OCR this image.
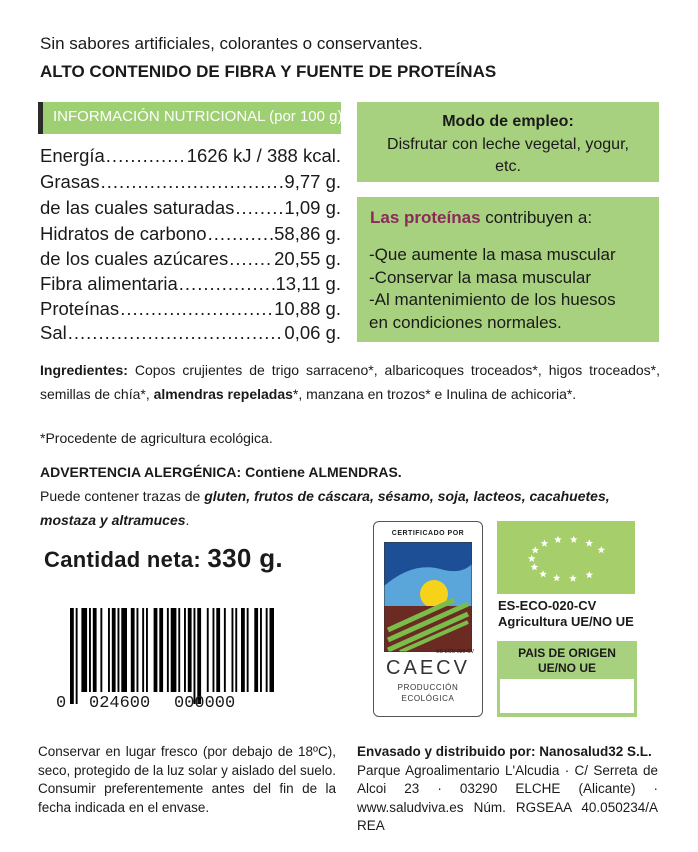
Sin sabores artificiales, colorantes o conservantes.
ALTO CONTENIDO DE FIBRA Y FUENTE DE PROTEÍNAS
INFORMACIÓN NUTRICIONAL (por 100 g)
Energía .....	1626 kJ / 388 kcal.
Grasas .....	9,77 g.
de las cuales saturadas .....	1,09 g.
Hidratos de carbono .....	58,86 g.
de los cuales azúcares ..... 20,55 g.
Fibra alimentaria .....	13,11 g.
Proteínas .....	10,88 g.
Sal .....	0,06 g.
Modo de empleo:
Disfrutar con leche vegetal, yogur, etc.
Las proteínas contribuyen a:
-Que aumente la masa muscular
-Conservar la masa muscular
-Al mantenimiento de los huesos
en condiciones normales.
Ingredientes: Copos crujientes de trigo sarraceno*, albaricoques troceados*, higos troceados*, semillas de chía*, almendras repeladas*, manzana en trozos* e Inulina de achicoria*.
*Procedente de agricultura ecológica.
ADVERTENCIA ALERGÉNICA: Contiene ALMENDRAS.
Puede contener trazas de gluten, frutos de cáscara, sésamo, soja, lacteos, cacahuetes, mostaza y altramuces.
Cantidad neta: 330 g.
0 024600 000000
CERTIFICADO POR
ES-ECO-020-CV
CAECV
PRODUCCIÓN
ECOLÓGICA
ES-ECO-020-CV
Agricultura UE/NO UE
PAIS DE ORIGEN
UE/NO UE
Conservar en lugar fresco (por debajo de 18ºC), seco, protegido de la luz solar y aislado del suelo. Consumir preferentemente antes del fin de la fecha indicada en el envase.
Envasado y distribuido por: Nanosalud32 S.L.
Parque Agroalimentario L'Alcudia · C/ Serreta de Alcoi 23 · 03290 ELCHE (Alicante) · www.saludviva.es Núm. RGSEAA 40.050234/A REA
